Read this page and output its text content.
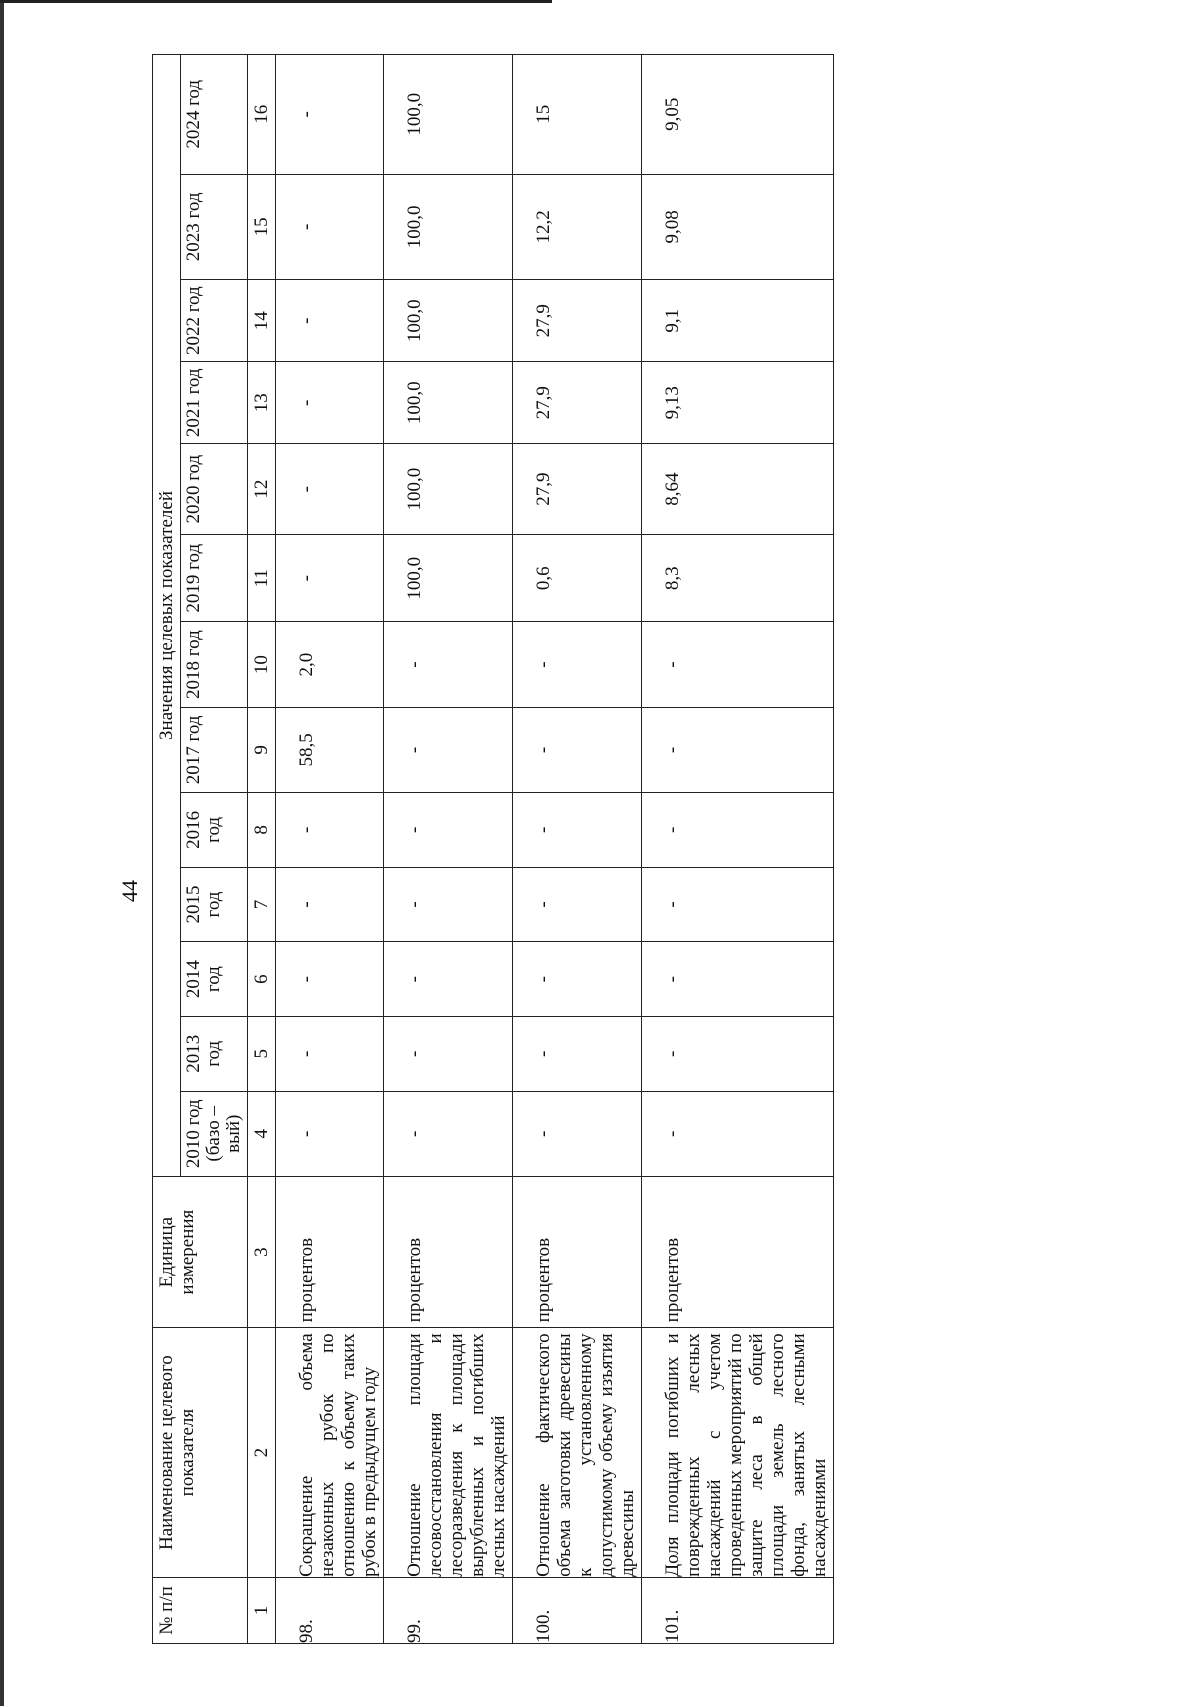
44
№ п/п	Наименование целевого показателя	Единица измерения	Значения целевых показателей												
			2010 год (базо – вый)	2013 год	2014 год	2015 год	2016 год	2017 год	2018 год	2019 год	2020 год	2021 год	2022 год	2023 год	2024 год
1	2	3	4	5	6	7	8	9	10	11	12	13	14	15	16
98.	Сокращение объема незаконных рубок по отношению к объему таких рубок в предыдущем году	процентов	-	-	-	-	-	58,5	2,0	-	-	-	-	-	-
99.	Отношение площади лесовосстановления и лесоразведения к площади вырубленных и погибших лесных насаждений	процентов	-	-	-	-	-	-	-	100,0	100,0	100,0	100,0	100,0	100,0
100.	Отношение фактического объема заготовки древесины к установленному допустимому объему изъятия древесины	процентов	-	-	-	-	-	-	-	0,6	27,9	27,9	27,9	12,2	15
101.	Доля площади погибших и поврежденных лесных насаждений с учетом проведенных мероприятий по защите леса в общей площади земель лесного фонда, занятых лесными насаждениями	процентов	-	-	-	-	-	-	-	8,3	8,64	9,13	9,1	9,08	9,05
